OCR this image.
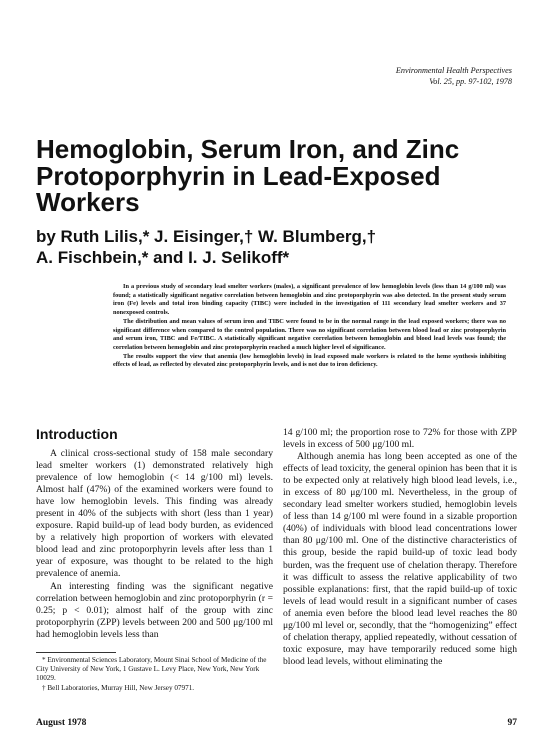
Environmental Health Perspectives
Vol. 25, pp. 97-102, 1978
Hemoglobin, Serum Iron, and Zinc Protoporphyrin in Lead-Exposed Workers
by Ruth Lilis,* J. Eisinger,† W. Blumberg,†
A. Fischbein,* and I. J. Selikoff*

In a previous study of secondary lead smelter workers (males), a significant prevalence of low hemoglobin levels (less than 14 g/100 ml) was found; a statistically significant negative correlation between hemoglobin and zinc protoporphyrin was also detected. In the present study serum iron (Fe) levels and total iron binding capacity (TIBC) were included in the investigation of 111 secondary lead smelter workers and 37 nonexposed controls.

The distribution and mean values of serum iron and TIBC were found to be in the normal range in the lead exposed workers; there was no significant difference when compared to the control population. There was no significant correlation between blood lead or zinc protoporphyrin and serum iron, TIBC and Fe/TIBC. A statistically significant negative correlation between hemoglobin and blood lead levels was found; the correlation between hemoglobin and zinc protoporphyrin reached a much higher level of significance.

The results support the view that anemia (low hemoglobin levels) in lead exposed male workers is related to the heme synthesis inhibiting effects of lead, as reflected by elevated zinc protoporphyrin levels, and is not due to iron deficiency.

Introduction

A clinical cross-sectional study of 158 male secondary lead smelter workers (1) demonstrated relatively high prevalence of low hemoglobin (< 14 g/100 ml) levels. Almost half (47%) of the examined workers were found to have low hemoglobin levels. This finding was already present in 40% of the subjects with short (less than 1 year) exposure. Rapid build-up of lead body burden, as evidenced by a relatively high proportion of workers with elevated blood lead and zinc protoporphyrin levels after less than 1 year of exposure, was thought to be related to the high prevalence of anemia.

An interesting finding was the significant negative correlation between hemoglobin and zinc protoporphyrin (r = 0.25; p < 0.01); almost half of the group with zinc protoporphyrin (ZPP) levels between 200 and 500 μg/100 ml had hemoglobin levels less than

14 g/100 ml; the proportion rose to 72% for those with ZPP levels in excess of 500 μg/100 ml.

Although anemia has long been accepted as one of the effects of lead toxicity, the general opinion has been that it is to be expected only at relatively high blood lead levels, i.e., in excess of 80 μg/100 ml. Nevertheless, in the group of secondary lead smelter workers studied, hemoglobin levels of less than 14 g/100 ml were found in a sizable proportion (40%) of individuals with blood lead concentrations lower than 80 μg/100 ml. One of the distinctive characteristics of this group, beside the rapid build-up of toxic lead body burden, was the frequent use of chelation therapy. Therefore it was difficult to assess the relative applicability of two possible explanations: first, that the rapid build-up of toxic levels of lead would result in a significant number of cases of anemia even before the blood lead level reaches the 80 μg/100 ml level or, secondly, that the “homogenizing” effect of chelation therapy, applied repeatedly, without cessation of toxic exposure, may have temporarily reduced some high blood lead levels, without eliminating the

* Environmental Sciences Laboratory, Mount Sinai School of Medicine of the City University of New York, 1 Gustave L. Levy Place, New York, New York 10029.

† Bell Laboratories, Murray Hill, New Jersey 07971.

August 1978	97
